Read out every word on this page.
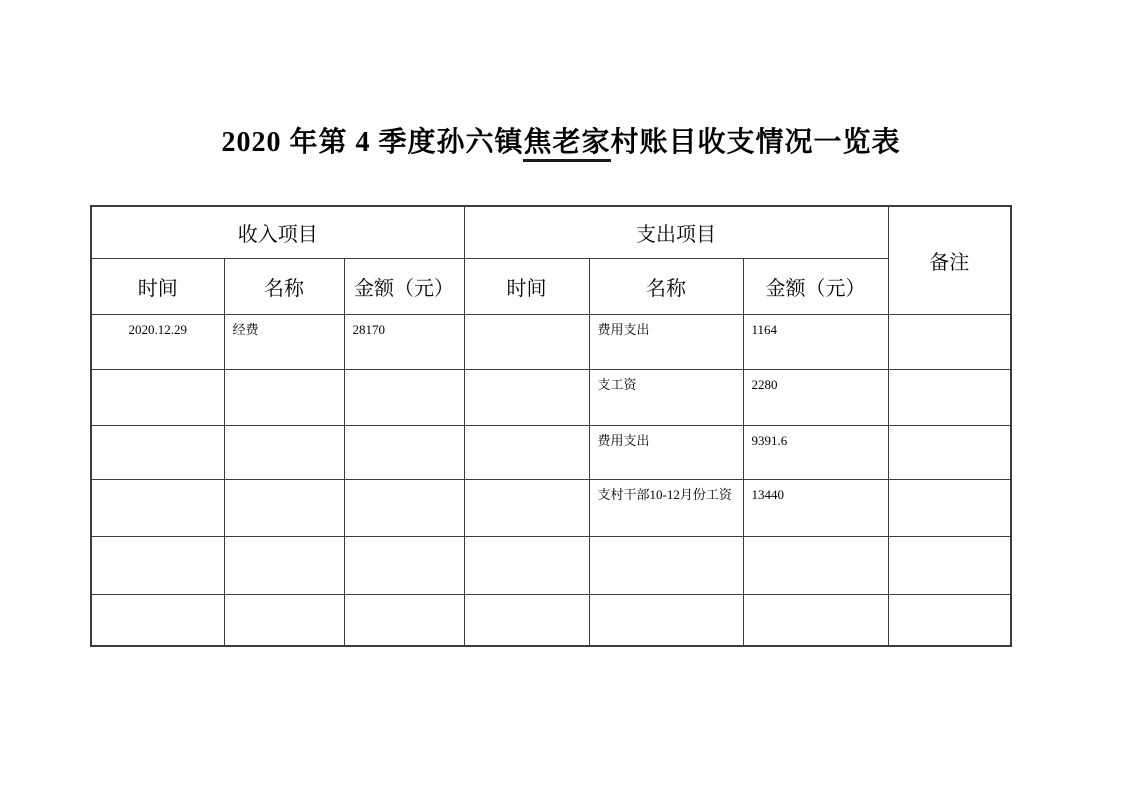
2020 年第 4 季度孙六镇焦老家村账目收支情况一览表
收入项目			支出项目			备注
时间	名称	金额（元）	时间	名称	金额（元）	
2020.12.29	经费	28170		费用支出	1164	
				支工资	2280	
				费用支出	9391.6	
				支村干部10-12月份工资	13440	
